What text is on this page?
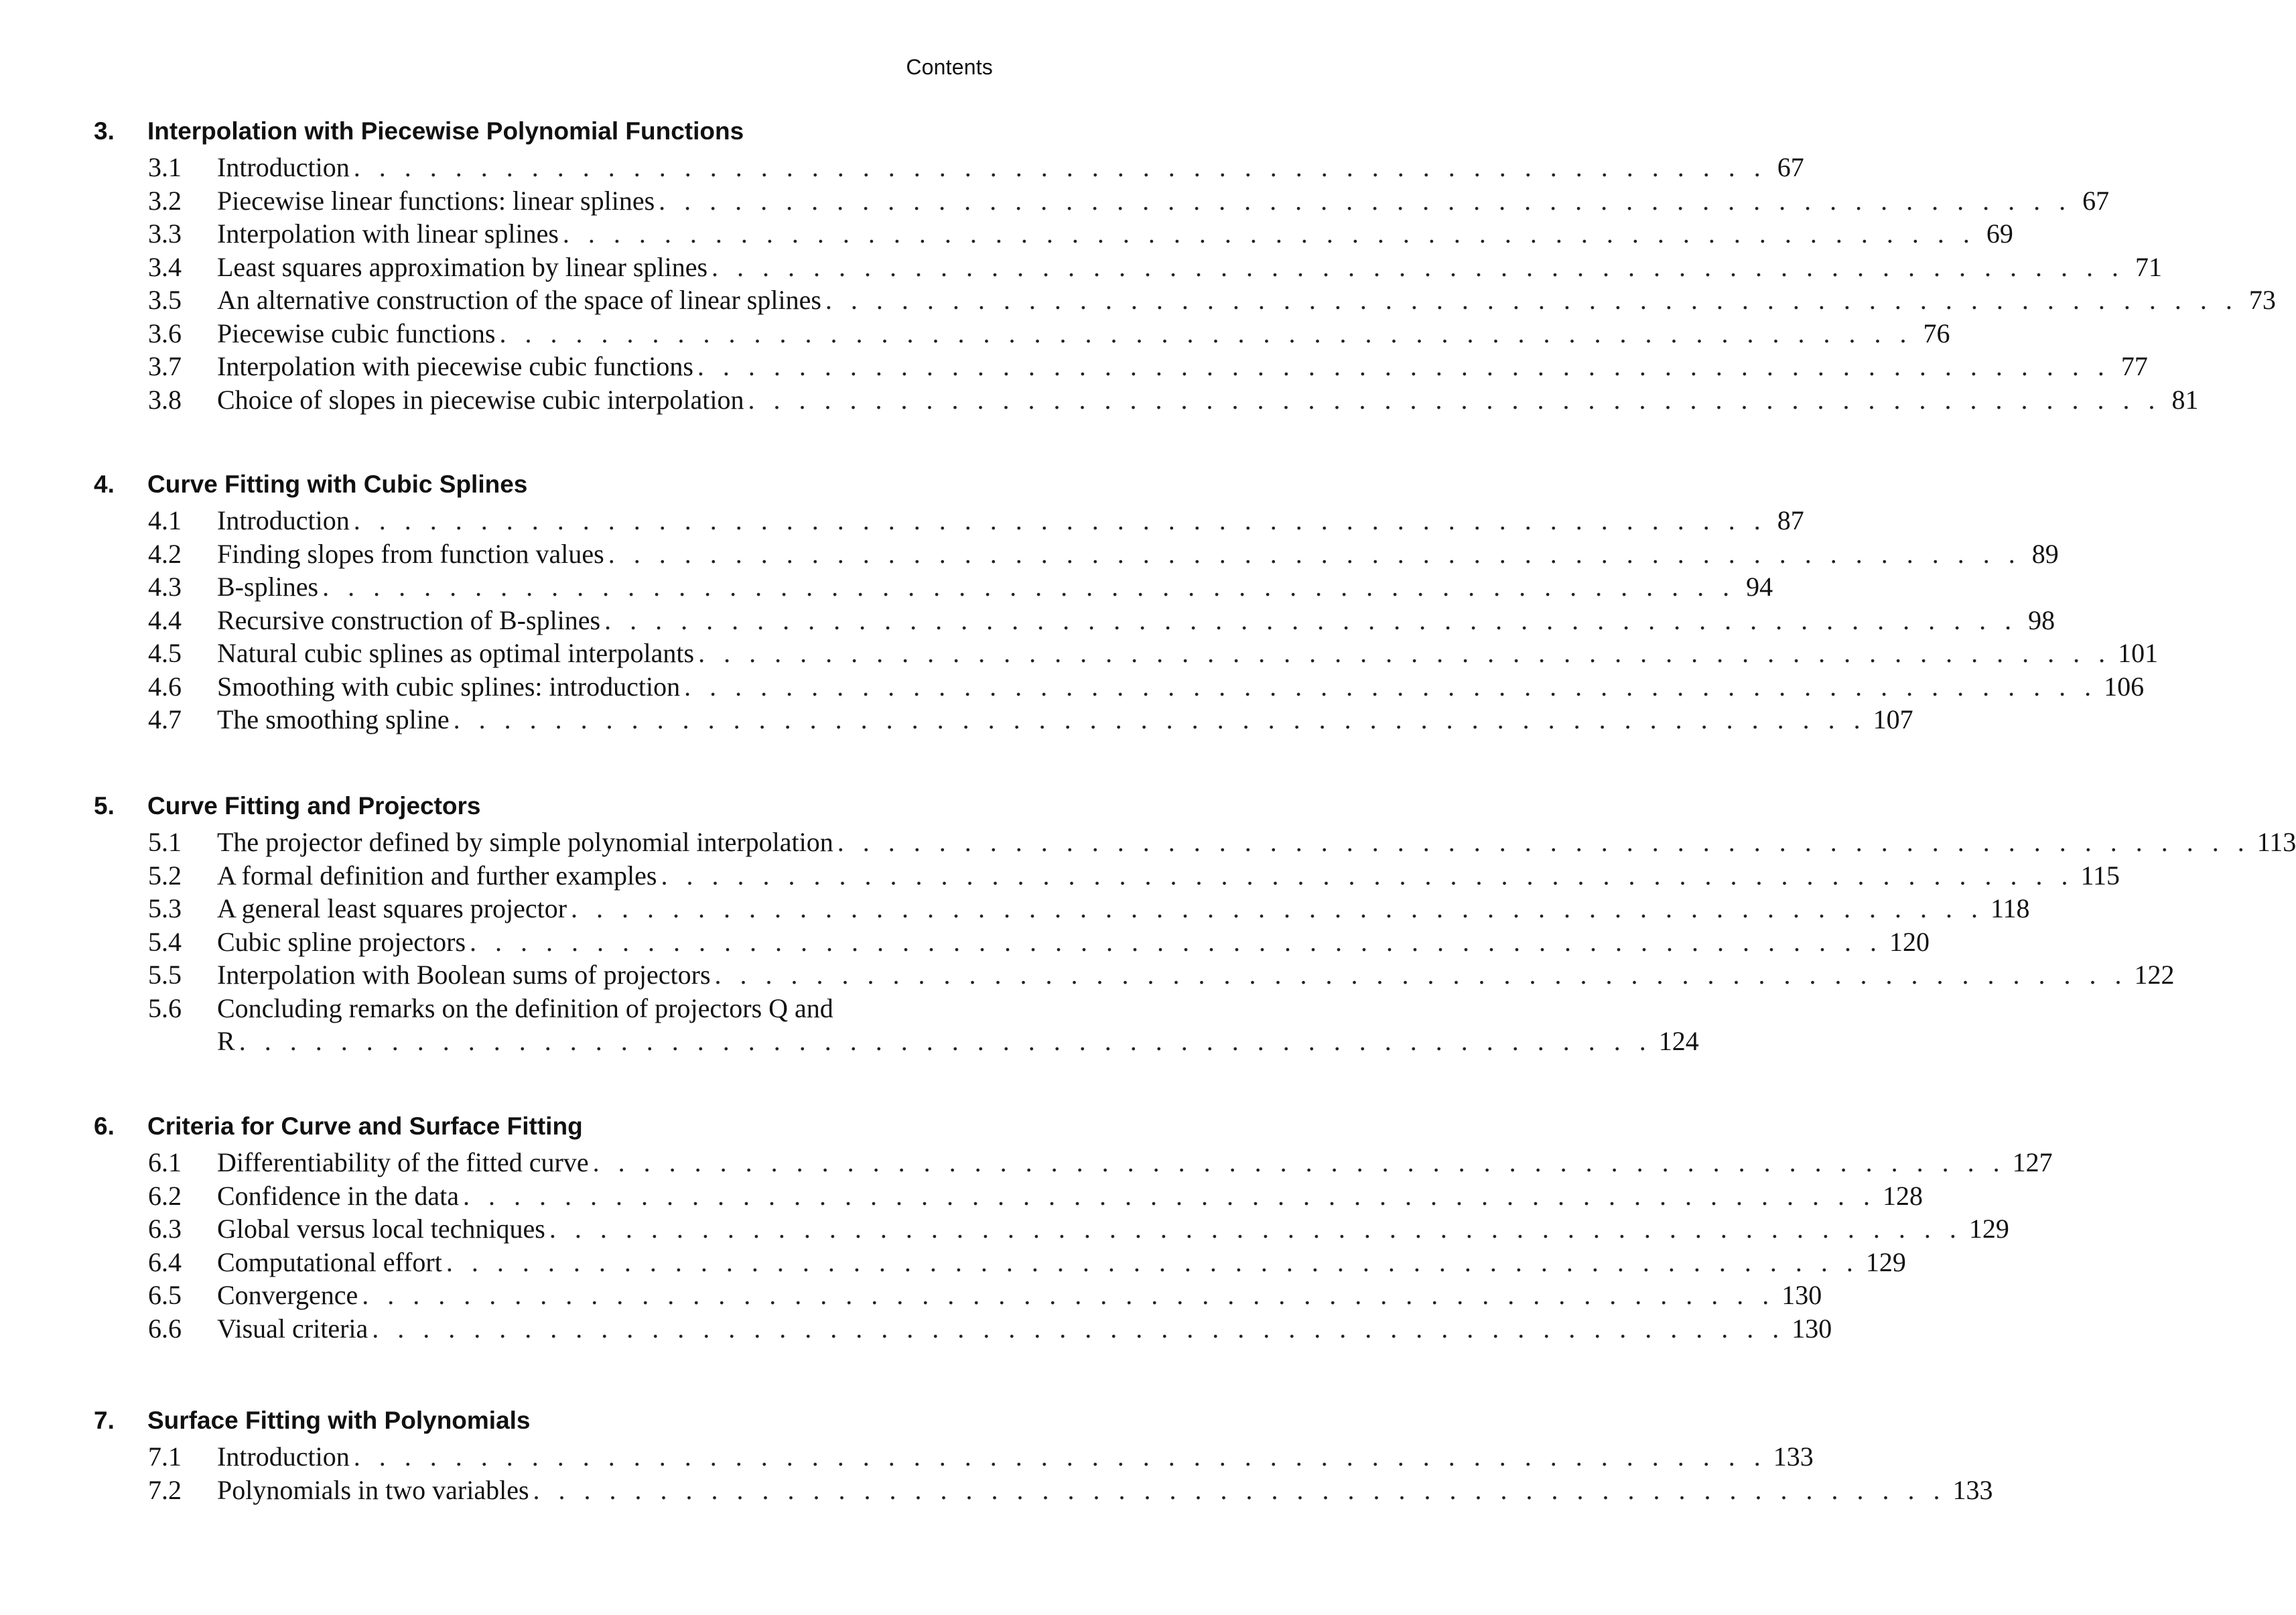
Contents
3.	Interpolation with Piecewise Polynomial Functions
3.1	Introduction . . . . . . . . . . . . . . . . . . . . . . . . . . . . . . . . . . . . . . . . . . . . . . . . . . . . . . . . 67
3.2	Piecewise linear functions: linear splines . . . . . . . . . . . . . . . . . . . . . . . . . . . . . . . . . . . . . . . . . . . . . . . . . . . . . . . . 67
3.3	Interpolation with linear splines . . . . . . . . . . . . . . . . . . . . . . . . . . . . . . . . . . . . . . . . . . . . . . . . . . . . . . . . 69
3.4	Least squares approximation by linear splines . . . . . . . . . . . . . . . . . . . . . . . . . . . . . . . . . . . . . . . . . . . . . . . . . . . . . . . . 71
3.5	An alternative construction of the space of linear splines . . . . . . . . . . . . . . . . . . . . . . . . . . . . . . . . . . . . . . . . . . . . . . . . . . . . . . . . 73
3.6	Piecewise cubic functions . . . . . . . . . . . . . . . . . . . . . . . . . . . . . . . . . . . . . . . . . . . . . . . . . . . . . . . . 76
3.7	Interpolation with piecewise cubic functions . . . . . . . . . . . . . . . . . . . . . . . . . . . . . . . . . . . . . . . . . . . . . . . . . . . . . . . . 77
3.8	Choice of slopes in piecewise cubic interpolation . . . . . . . . . . . . . . . . . . . . . . . . . . . . . . . . . . . . . . . . . . . . . . . . . . . . . . . . 81
4.	Curve Fitting with Cubic Splines
4.1	Introduction . . . . . . . . . . . . . . . . . . . . . . . . . . . . . . . . . . . . . . . . . . . . . . . . . . . . . . . . 87
4.2	Finding slopes from function values . . . . . . . . . . . . . . . . . . . . . . . . . . . . . . . . . . . . . . . . . . . . . . . . . . . . . . . . 89
4.3	B-splines . . . . . . . . . . . . . . . . . . . . . . . . . . . . . . . . . . . . . . . . . . . . . . . . . . . . . . . . 94
4.4	Recursive construction of B-splines . . . . . . . . . . . . . . . . . . . . . . . . . . . . . . . . . . . . . . . . . . . . . . . . . . . . . . . . 98
4.5	Natural cubic splines as optimal interpolants . . . . . . . . . . . . . . . . . . . . . . . . . . . . . . . . . . . . . . . . . . . . . . . . . . . . . . . . 101
4.6	Smoothing with cubic splines: introduction . . . . . . . . . . . . . . . . . . . . . . . . . . . . . . . . . . . . . . . . . . . . . . . . . . . . . . . . 106
4.7	The smoothing spline . . . . . . . . . . . . . . . . . . . . . . . . . . . . . . . . . . . . . . . . . . . . . . . . . . . . . . . . 107
5.	Curve Fitting and Projectors
5.1	The projector defined by simple polynomial interpolation . . . . . . . . . . . . . . . . . . . . . . . . . . . . . . . . . . . . . . . . . . . . . . . . . . . . . . . . 113
5.2	A formal definition and further examples . . . . . . . . . . . . . . . . . . . . . . . . . . . . . . . . . . . . . . . . . . . . . . . . . . . . . . . . 115
5.3	A general least squares projector . . . . . . . . . . . . . . . . . . . . . . . . . . . . . . . . . . . . . . . . . . . . . . . . . . . . . . . . 118
5.4	Cubic spline projectors . . . . . . . . . . . . . . . . . . . . . . . . . . . . . . . . . . . . . . . . . . . . . . . . . . . . . . . . 120
5.5	Interpolation with Boolean sums of projectors . . . . . . . . . . . . . . . . . . . . . . . . . . . . . . . . . . . . . . . . . . . . . . . . . . . . . . . . 122
5.6	Concluding remarks on the definition of projectors Q and
R . . . . . . . . . . . . . . . . . . . . . . . . . . . . . . . . . . . . . . . . . . . . . . . . . . . . . . . . 124
6.	Criteria for Curve and Surface Fitting
6.1	Differentiability of the fitted curve . . . . . . . . . . . . . . . . . . . . . . . . . . . . . . . . . . . . . . . . . . . . . . . . . . . . . . . . 127
6.2	Confidence in the data . . . . . . . . . . . . . . . . . . . . . . . . . . . . . . . . . . . . . . . . . . . . . . . . . . . . . . . . 128
6.3	Global versus local techniques . . . . . . . . . . . . . . . . . . . . . . . . . . . . . . . . . . . . . . . . . . . . . . . . . . . . . . . . 129
6.4	Computational effort . . . . . . . . . . . . . . . . . . . . . . . . . . . . . . . . . . . . . . . . . . . . . . . . . . . . . . . . 129
6.5	Convergence . . . . . . . . . . . . . . . . . . . . . . . . . . . . . . . . . . . . . . . . . . . . . . . . . . . . . . . . 130
6.6	Visual criteria . . . . . . . . . . . . . . . . . . . . . . . . . . . . . . . . . . . . . . . . . . . . . . . . . . . . . . . . 130
7.	Surface Fitting with Polynomials
7.1	Introduction . . . . . . . . . . . . . . . . . . . . . . . . . . . . . . . . . . . . . . . . . . . . . . . . . . . . . . . . 133
7.2	Polynomials in two variables . . . . . . . . . . . . . . . . . . . . . . . . . . . . . . . . . . . . . . . . . . . . . . . . . . . . . . . . 133
